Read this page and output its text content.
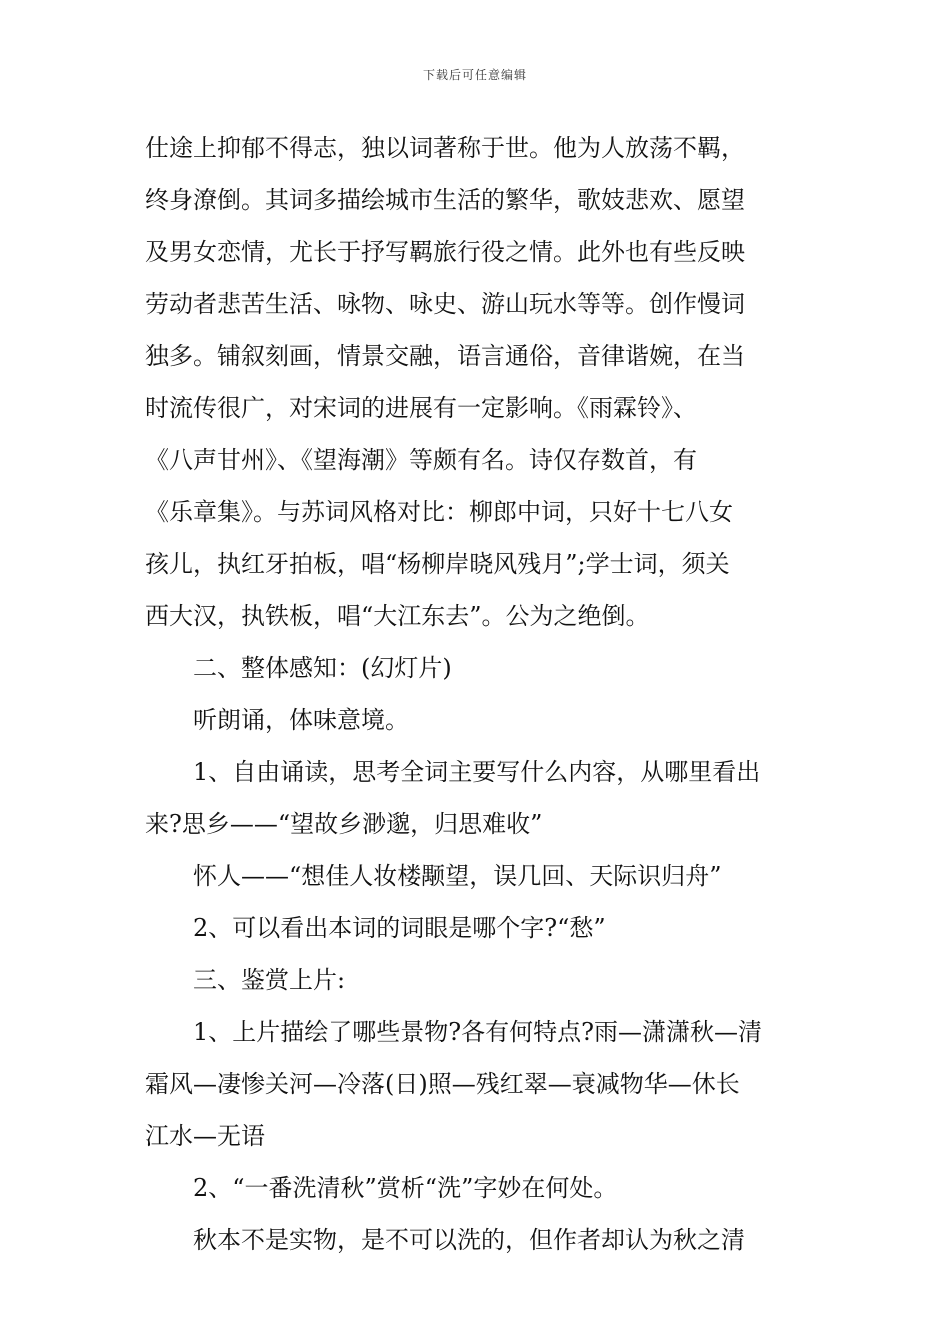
下载后可任意编辑
仕途上抑郁不得志，独以词著称于世。他为人放荡不羁，
终身潦倒。其词多描绘城市生活的繁华，歌妓悲欢、愿望
及男女恋情，尤长于抒写羁旅行役之情。此外也有些反映
劳动者悲苦生活、咏物、咏史、游山玩水等等。创作慢词
独多。铺叙刻画，情景交融，语言通俗，音律谐婉，在当
时流传很广，对宋词的进展有一定影响。《雨霖铃》、
《八声甘州》、《望海潮》等颇有名。诗仅存数首，有
《乐章集》。与苏词风格对比：柳郎中词，只好十七八女
孩儿，执红牙拍板，唱“杨柳岸晓风残月”;学士词，须关
西大汉，执铁板，唱“大江东去”。公为之绝倒。
二、整体感知：(幻灯片)
听朗诵，体味意境。
1、自由诵读，思考全词主要写什么内容，从哪里看出
来?思乡——“望故乡渺邈，归思难收”
怀人——“想佳人妆楼颙望，误几回、天际识归舟”
2、可以看出本词的词眼是哪个字?“愁”
三、鉴赏上片:
1、上片描绘了哪些景物?各有何特点?雨—潇潇秋—清
霜风—凄惨关河—冷落(日)照—残红翠—衰减物华—休长
江水—无语
2、“一番洗清秋”赏析“洗”字妙在何处。
秋本不是实物，是不可以洗的，但作者却认为秋之清
